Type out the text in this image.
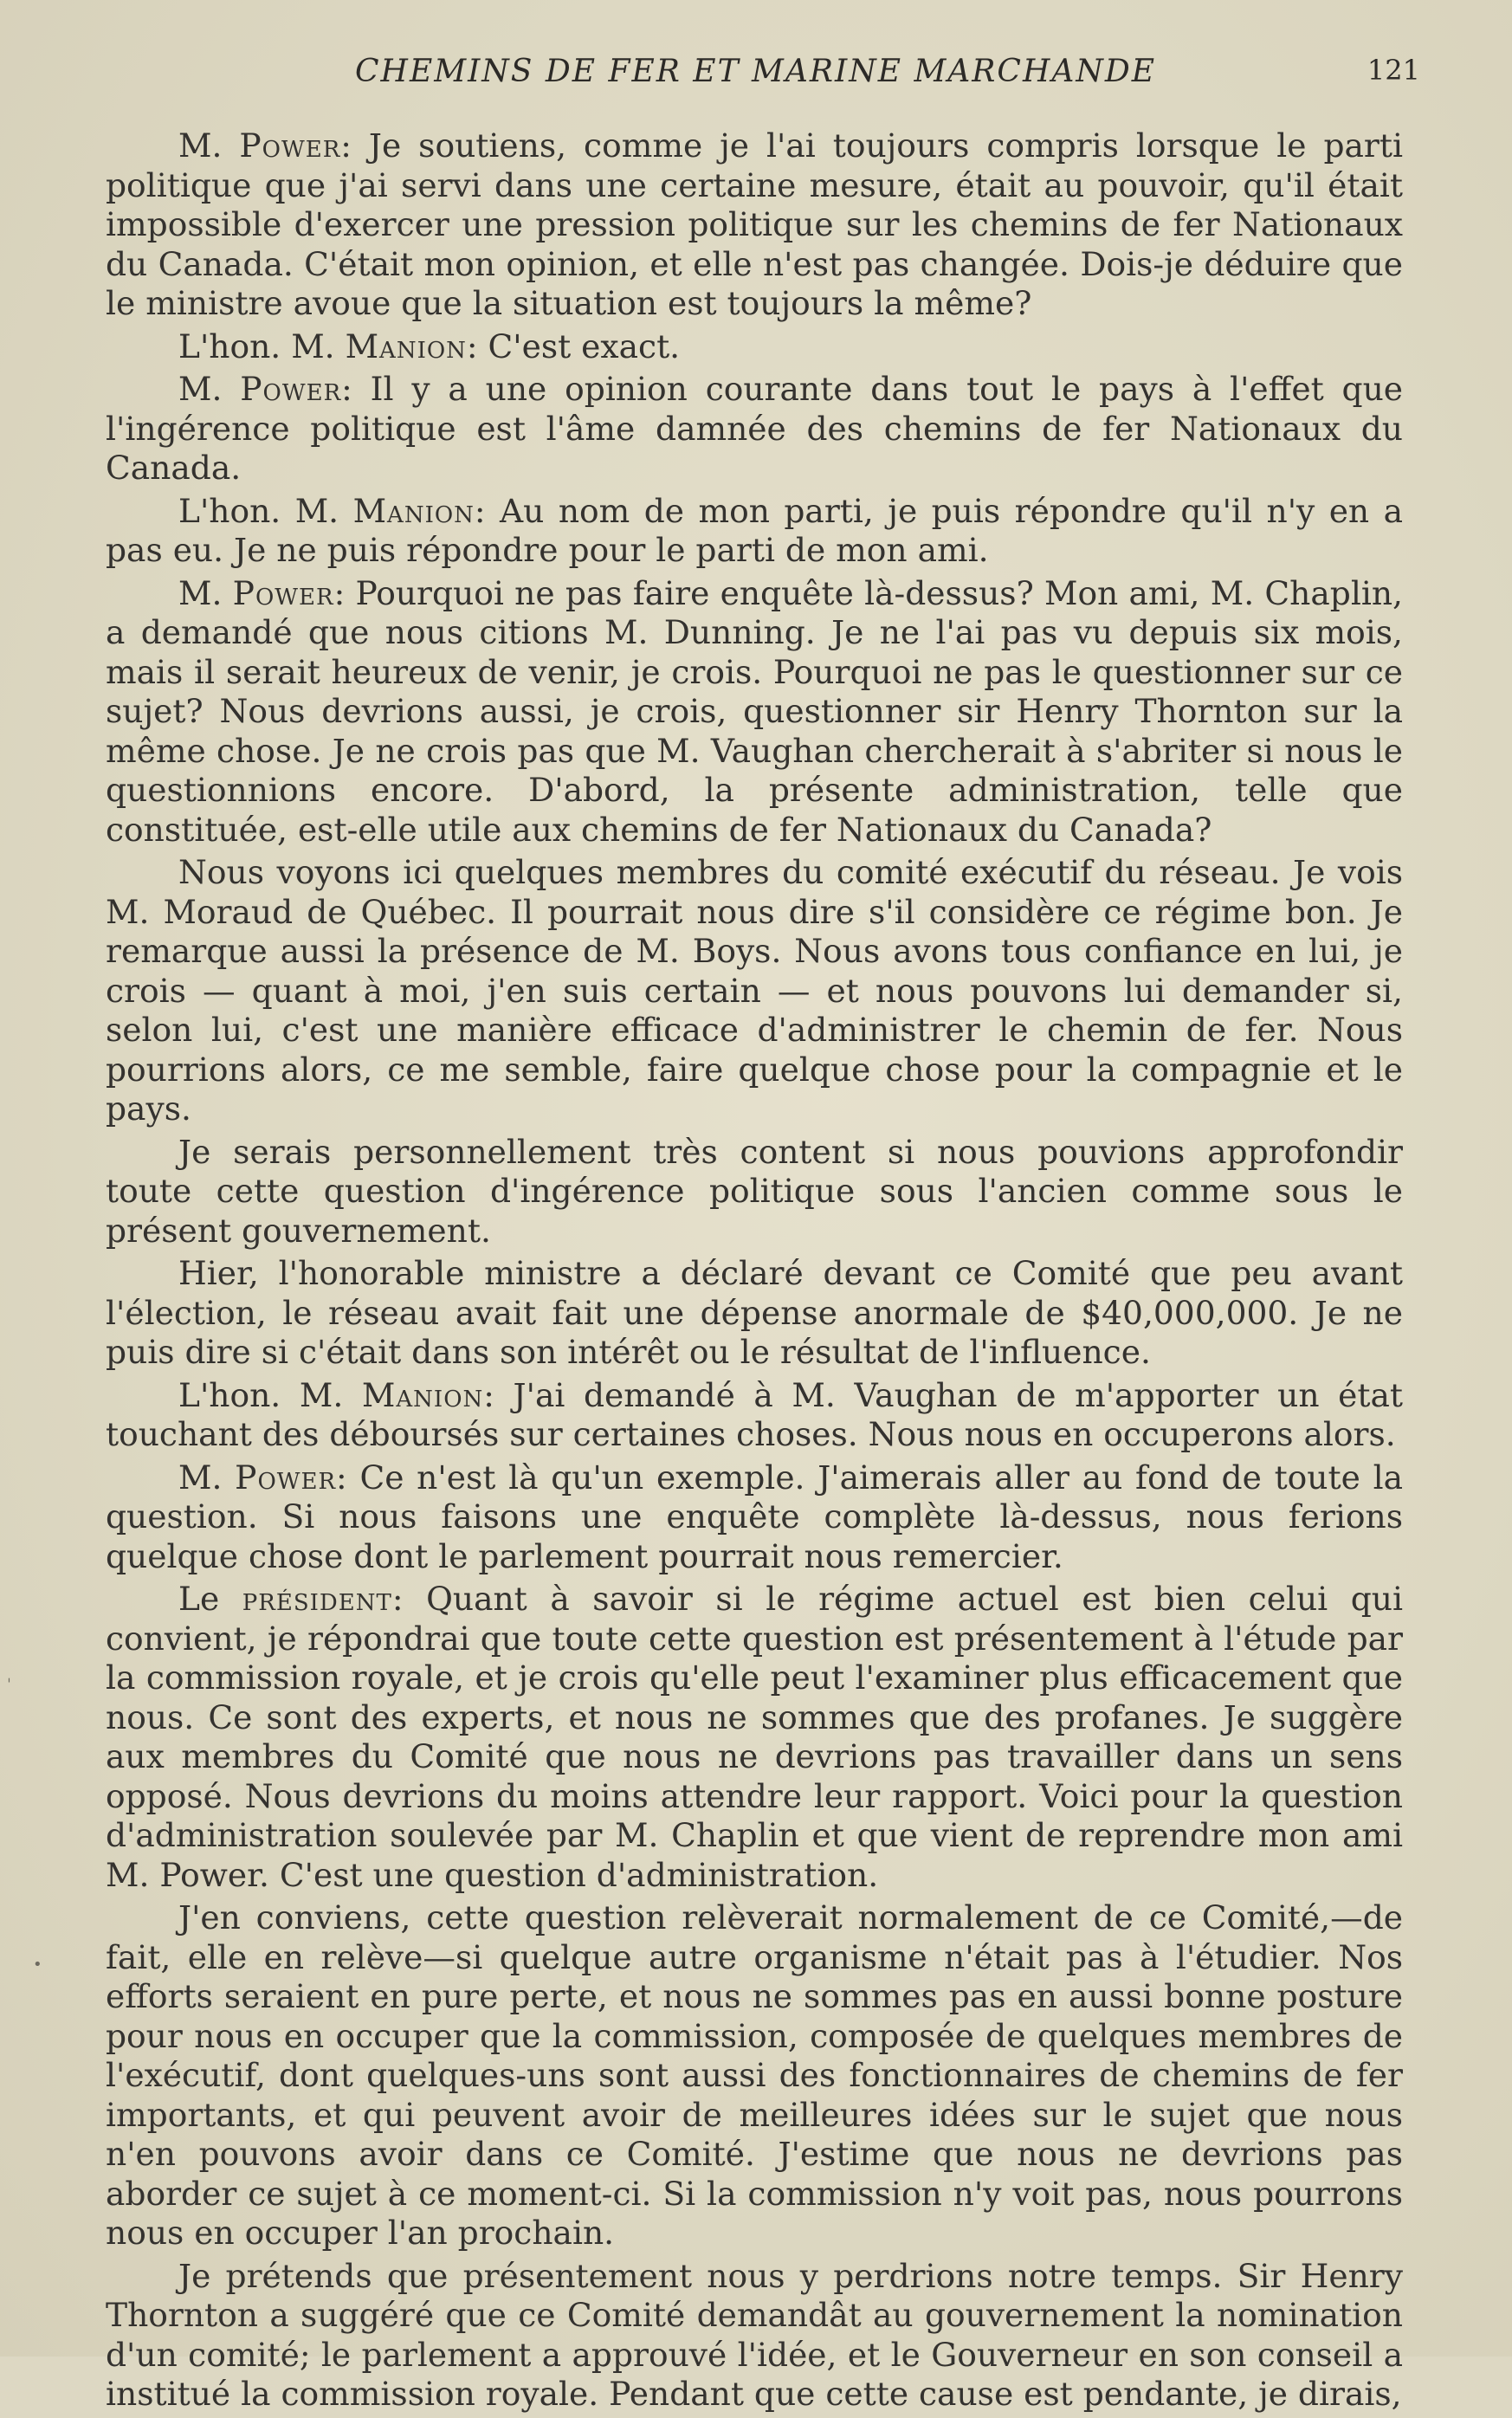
CHEMINS DE FER ET MARINE MARCHANDE	121

M. Power: Je soutiens, comme je l'ai toujours compris lorsque le parti politique que j'ai servi dans une certaine mesure, était au pouvoir, qu'il était impossible d'exercer une pression politique sur les chemins de fer Nationaux du Canada. C'était mon opinion, et elle n'est pas changée. Dois-je déduire que le ministre avoue que la situation est toujours la même?

L'hon. M. Manion: C'est exact.

M. Power: Il y a une opinion courante dans tout le pays à l'effet que l'ingérence politique est l'âme damnée des chemins de fer Nationaux du Canada.

L'hon. M. Manion: Au nom de mon parti, je puis répondre qu'il n'y en a pas eu. Je ne puis répondre pour le parti de mon ami.

M. Power: Pourquoi ne pas faire enquête là-dessus? Mon ami, M. Chaplin, a demandé que nous citions M. Dunning. Je ne l'ai pas vu depuis six mois, mais il serait heureux de venir, je crois. Pourquoi ne pas le questionner sur ce sujet? Nous devrions aussi, je crois, questionner sir Henry Thornton sur la même chose. Je ne crois pas que M. Vaughan chercherait à s'abriter si nous le questionnions encore. D'abord, la présente administration, telle que constituée, est-elle utile aux chemins de fer Nationaux du Canada?

Nous voyons ici quelques membres du comité exécutif du réseau. Je vois M. Moraud de Québec. Il pourrait nous dire s'il considère ce régime bon. Je remarque aussi la présence de M. Boys. Nous avons tous confiance en lui, je crois — quant à moi, j'en suis certain — et nous pouvons lui demander si, selon lui, c'est une manière efficace d'administrer le chemin de fer. Nous pourrions alors, ce me semble, faire quelque chose pour la compagnie et le pays.

Je serais personnellement très content si nous pouvions approfondir toute cette question d'ingérence politique sous l'ancien comme sous le présent gouvernement.

Hier, l'honorable ministre a déclaré devant ce Comité que peu avant l'élection, le réseau avait fait une dépense anormale de $40,000,000. Je ne puis dire si c'était dans son intérêt ou le résultat de l'influence.

L'hon. M. Manion: J'ai demandé à M. Vaughan de m'apporter un état touchant des déboursés sur certaines choses. Nous nous en occuperons alors.

M. Power: Ce n'est là qu'un exemple. J'aimerais aller au fond de toute la question. Si nous faisons une enquête complète là-dessus, nous ferions quelque chose dont le parlement pourrait nous remercier.

Le président: Quant à savoir si le régime actuel est bien celui qui convient, je répondrai que toute cette question est présentement à l'étude par la commission royale, et je crois qu'elle peut l'examiner plus efficacement que nous. Ce sont des experts, et nous ne sommes que des profanes. Je suggère aux membres du Comité que nous ne devrions pas travailler dans un sens opposé. Nous devrions du moins attendre leur rapport. Voici pour la question d'administration soulevée par M. Chaplin et que vient de reprendre mon ami M. Power. C'est une question d'administration.

J'en conviens, cette question relèverait normalement de ce Comité,—de fait, elle en relève—si quelque autre organisme n'était pas à l'étudier. Nos efforts seraient en pure perte, et nous ne sommes pas en aussi bonne posture pour nous en occuper que la commission, composée de quelques membres de l'exécutif, dont quelques-uns sont aussi des fonctionnaires de chemins de fer importants, et qui peuvent avoir de meilleures idées sur le sujet que nous n'en pouvons avoir dans ce Comité. J'estime que nous ne devrions pas aborder ce sujet à ce moment-ci. Si la commission n'y voit pas, nous pourrons nous en occuper l'an prochain.

Je prétends que présentement nous y perdrions notre temps. Sir Henry Thornton a suggéré que ce Comité demandât au gouvernement la nomination d'un comité; le parlement a approuvé l'idée, et le Gouverneur en son conseil a institué la commission royale. Pendant que cette cause est pendante, je dirais,

ˈ
•
